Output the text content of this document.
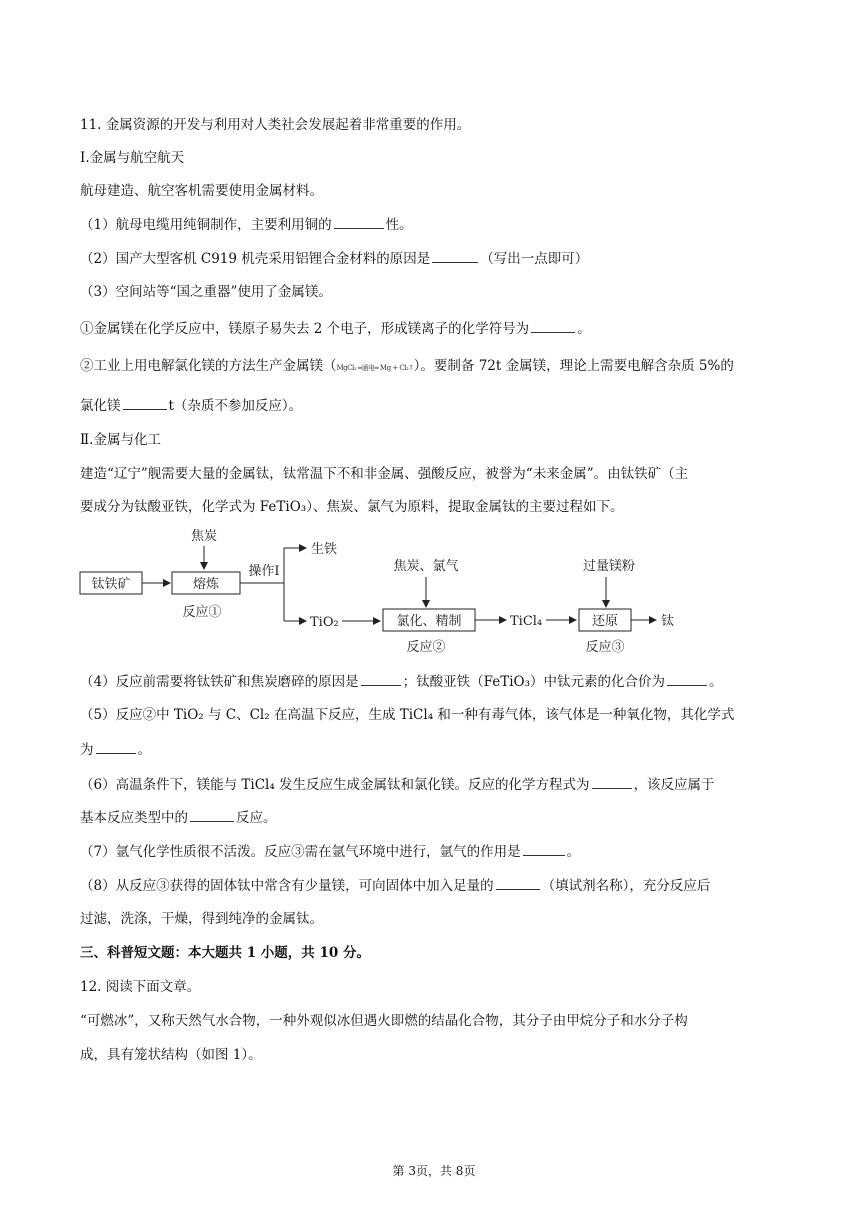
11. 金属资源的开发与利用对人类社会发展起着非常重要的作用。
Ⅰ.金属与航空航天
航母建造、航空客机需要使用金属材料。
（1）航母电缆用纯铜制作，主要利用铜的	性。
（2）国产大型客机 C919 机壳采用铝锂合金材料的原因是	（写出一点即可）
（3）空间站等“国之重器”使用了金属镁。
①金属镁在化学反应中，镁原子易失去 2 个电子，形成镁离子的化学符号为	。
②工业上用电解氯化镁的方法生产金属镁（MgCl₂ ═通电═ Mg + Cl₂↑）。要制备 72t 金属镁，理论上需要电解含杂质 5%的
氯化镁	t（杂质不参加反应）。
Ⅱ.金属与化工
建造“辽宁”舰需要大量的金属钛，钛常温下不和非金属、强酸反应，被誉为“未来金属”。由钛铁矿（主
要成分为钛酸亚铁，化学式为 FeTiO₃）、焦炭、氯气为原料，提取金属钛的主要过程如下。
钛铁矿
焦炭
熔炼
反应①
操作Ⅰ
生铁
TiO₂
焦炭、氯气
氯化、精制
反应②
TiCl₄
过量镁粉
还原
反应③
钛
（4）反应前需要将钛铁矿和焦炭磨碎的原因是	；钛酸亚铁（FeTiO₃）中钛元素的化合价为	。
（5）反应②中 TiO₂ 与 C、Cl₂ 在高温下反应，生成 TiCl₄ 和一种有毒气体，该气体是一种氧化物，其化学式
为	。
（6）高温条件下，镁能与 TiCl₄ 发生反应生成金属钛和氯化镁。反应的化学方程式为	，该反应属于
基本反应类型中的	反应。
（7）氩气化学性质很不活泼。反应③需在氩气环境中进行，氩气的作用是	。
（8）从反应③获得的固体钛中常含有少量镁，可向固体中加入足量的	（填试剂名称），充分反应后
过滤，洗涤，干燥，得到纯净的金属钛。
三、科普短文题：本大题共 1 小题，共 10 分。
12. 阅读下面文章。
“可燃冰”，又称天然气水合物，一种外观似冰但遇火即燃的结晶化合物，其分子由甲烷分子和水分子构
成，具有笼状结构（如图 1）。
第 3页，共 8页
